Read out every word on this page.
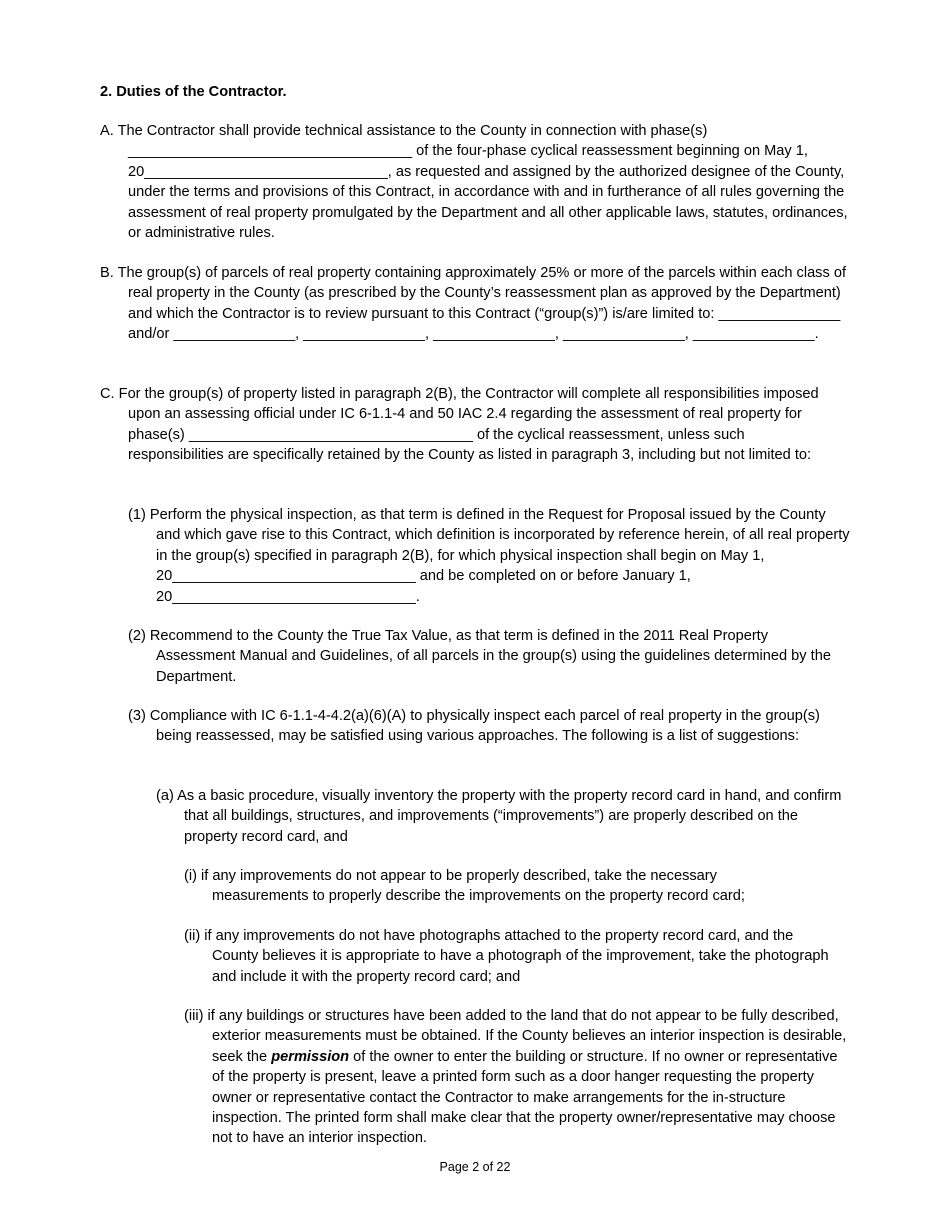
2. Duties of the Contractor.

A. The Contractor shall provide technical assistance to the County in connection with phase(s) ___________________________________ of the four-phase cyclical reassessment beginning on May 1, 20______________________________, as requested and assigned by the authorized designee of the County, under the terms and provisions of this Contract, in accordance with and in furtherance of all rules governing the assessment of real property promulgated by the Department and all other applicable laws, statutes, ordinances, or administrative rules.

B. The group(s) of parcels of real property containing approximately 25% or more of the parcels within each class of real property in the County (as prescribed by the County’s reassessment plan as approved by the Department) and which the Contractor is to review pursuant to this Contract (“group(s)”) is/are limited to: _______________ and/or _______________, _______________, _______________, _______________, _______________.

C. For the group(s) of property listed in paragraph 2(B), the Contractor will complete all responsibilities imposed upon an assessing official under IC 6-1.1-4 and 50 IAC 2.4 regarding the assessment of real property for phase(s) ___________________________________ of the cyclical reassessment, unless such responsibilities are specifically retained by the County as listed in paragraph 3, including but not limited to:

(1) Perform the physical inspection, as that term is defined in the Request for Proposal issued by the County and which gave rise to this Contract, which definition is incorporated by reference herein, of all real property in the group(s) specified in paragraph 2(B), for which physical inspection shall begin on May 1, 20______________________________ and be completed on or before January 1, 20______________________________.

(2) Recommend to the County the True Tax Value, as that term is defined in the 2011 Real Property Assessment Manual and Guidelines, of all parcels in the group(s) using the guidelines determined by the Department.

(3) Compliance with IC 6-1.1-4-4.2(a)(6)(A) to physically inspect each parcel of real property in the group(s) being reassessed, may be satisfied using various approaches. The following is a list of suggestions:

(a) As a basic procedure, visually inventory the property with the property record card in hand, and confirm that all buildings, structures, and improvements (“improvements”) are properly described on the property record card, and

(i) if any improvements do not appear to be properly described, take the necessary measurements to properly describe the improvements on the property record card;

(ii) if any improvements do not have photographs attached to the property record card, and the County believes it is appropriate to have a photograph of the improvement, take the photograph and include it with the property record card; and

(iii) if any buildings or structures have been added to the land that do not appear to be fully described, exterior measurements must be obtained. If the County believes an interior inspection is desirable, seek the permission of the owner to enter the building or structure. If no owner or representative of the property is present, leave a printed form such as a door hanger requesting the property owner or representative contact the Contractor to make arrangements for the in-structure inspection. The printed form shall make clear that the property owner/representative may choose not to have an interior inspection.

Page 2 of 22
